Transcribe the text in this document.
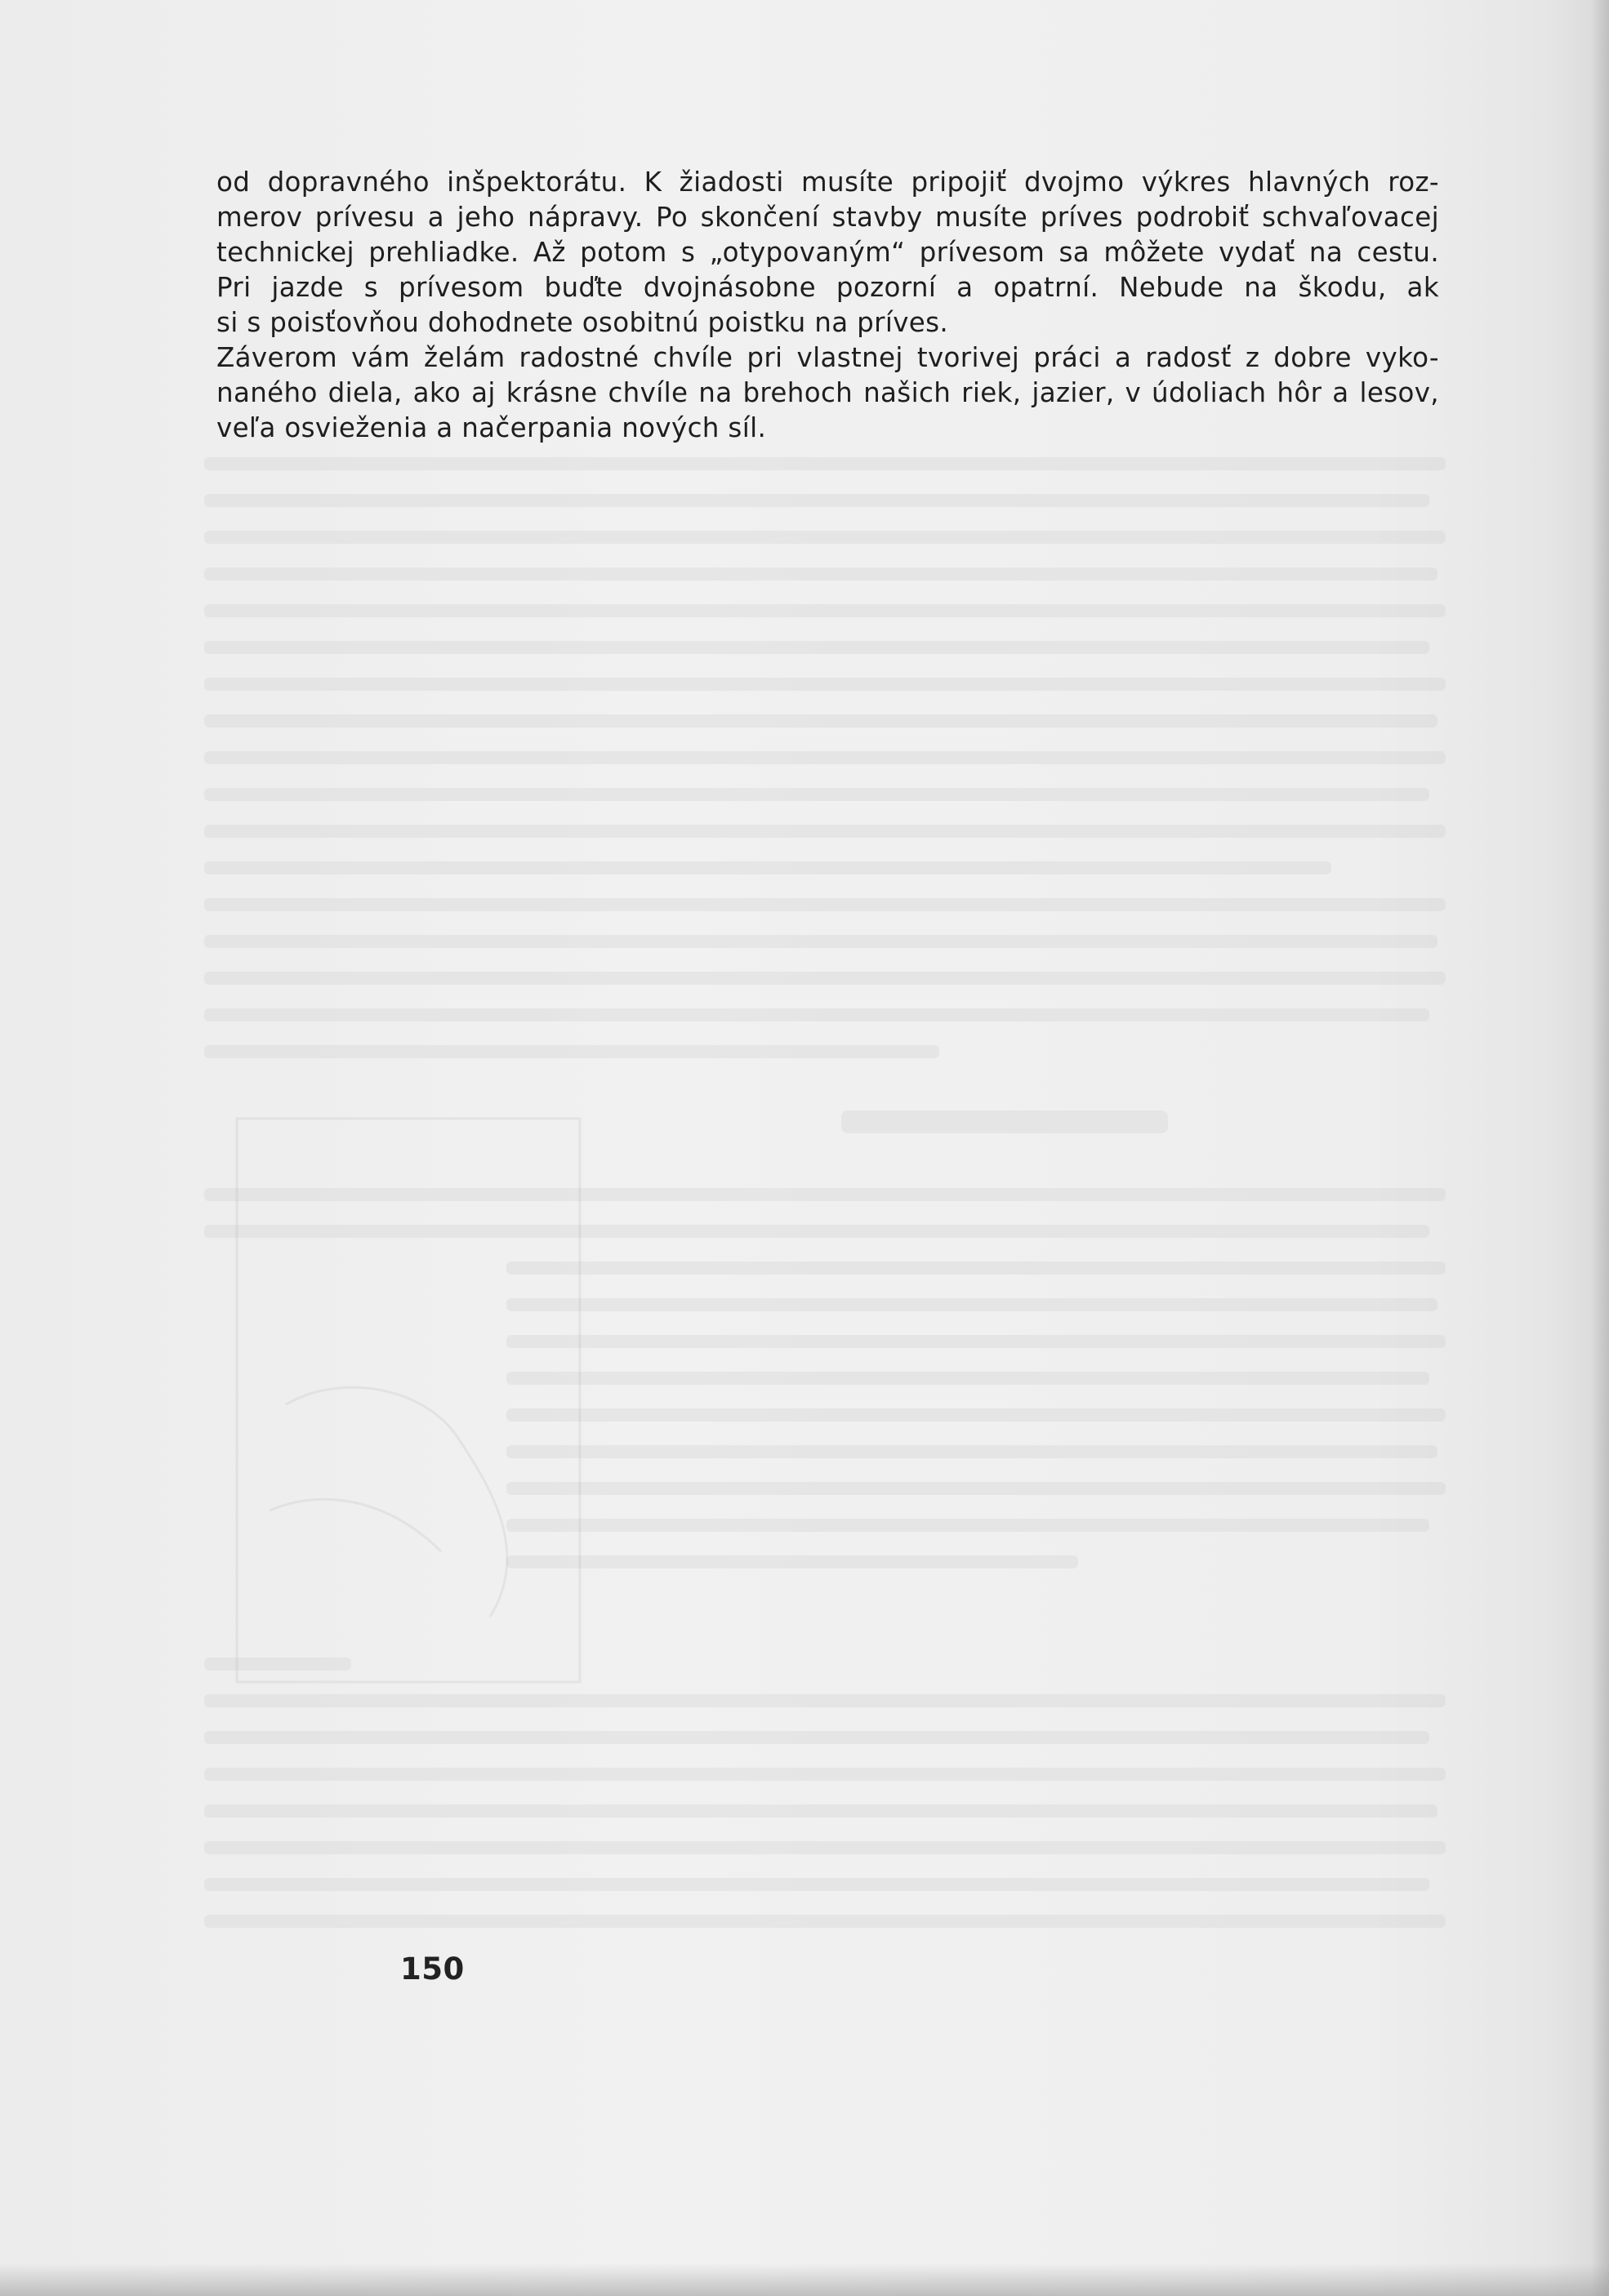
od dopravného inšpektorátu. K žiadosti musíte pripojiť dvojmo výkres hlavných roz-
merov prívesu a jeho nápravy. Po skončení stavby musíte príves podrobiť schvaľovacej
technickej prehliadke. Až potom s „otypovaným“ prívesom sa môžete vydať na cestu.
Pri jazde s prívesom buďte dvojnásobne pozorní a opatrní. Nebude na škodu, ak
si s poisťovňou dohodnete osobitnú poistku na príves.

Záverom vám želám radostné chvíle pri vlastnej tvorivej práci a radosť z dobre vyko-
naného diela, ako aj krásne chvíle na brehoch našich riek, jazier, v údoliach hôr a lesov,
veľa osvieženia a načerpania nových síl.

150
